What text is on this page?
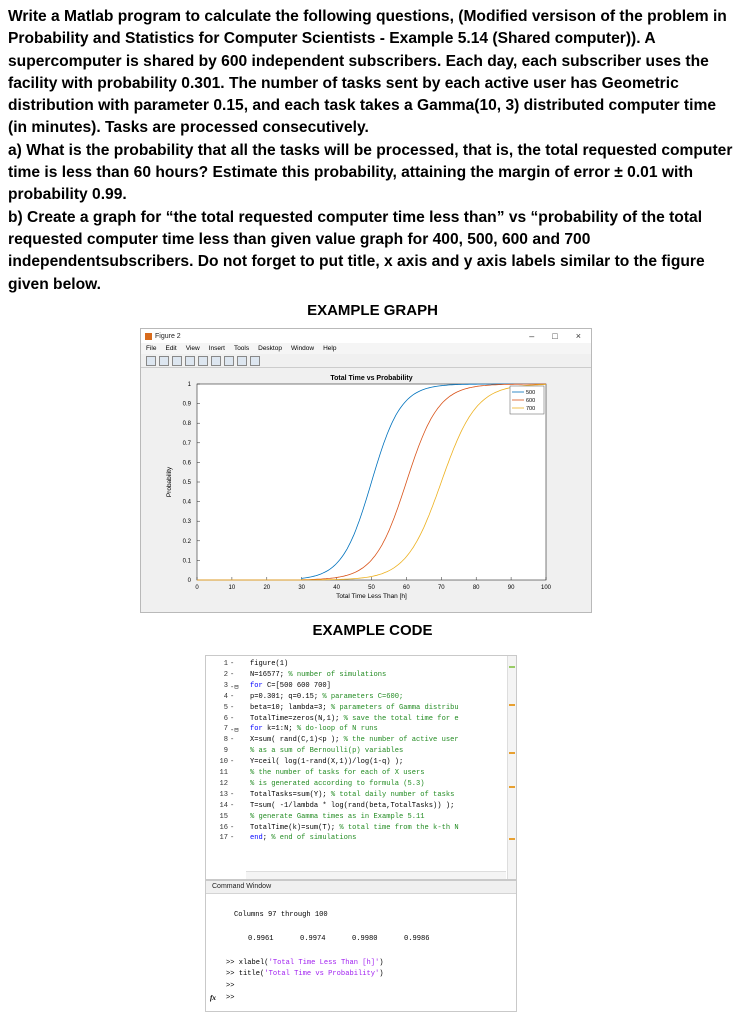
Write a Matlab program to calculate the following questions, (Modified versison of the problem in Probability and Statistics for Computer Scientists - Example 5.14 (Shared computer)). A supercomputer is shared by 600 independent subscribers. Each day, each subscriber uses the facility with probability 0.301. The number of tasks sent by each active user has Geometric distribution with parameter 0.15, and each task takes a Gamma(10, 3) distributed computer time (in minutes). Tasks are processed consecutively.

a) What is the probability that all the tasks will be processed, that is, the total requested computer time is less than 60 hours? Estimate this probability, attaining the margin of error ± 0.01 with probability 0.99.

b) Create a graph for “the total requested computer time less than” vs “probability of the total requested computer time less than given value graph for 400, 500, 600 and 700 independentsubscribers. Do not forget to put title, x axis and y axis labels similar to the figure given below.

EXAMPLE GRAPH
Figure 2	– □ ×
File Edit View Insert Tools Desktop Window Help
Total Time vs Probability
0	10	20	30	40	50	60	70	80	90	100
0
0.1
0.2
0.3
0.4
0.5
0.6
0.7
0.8
0.9
1
Total Time Less Than [h]
Probability
500
600
700
EXAMPLE CODE
1 -	figure(1)
2 -	N=16577; % number of simulations
3 -⊟	for C=[500 600 700]
4 -	p=0.301; q=0.15; % parameters C=600;
5 -	beta=10; lambda=3; % parameters of Gamma distribu
6 -	TotalTime=zeros(N,1); % save the total time for e
7 -⊟	for k=1:N; % do-loop of N runs
8 -	X=sum( rand(C,1)<p ); % the number of active user
9	% as a sum of Bernoulli(p) variables
10 -	Y=ceil( log(1-rand(X,1))/log(1-q) );
11	% the number of tasks for each of X users
12	% is generated according to formula (5.3)
13 -	TotalTasks=sum(Y); % total daily number of tasks
14 -	T=sum( -1/lambda * log(rand(beta,TotalTasks)) );
15	% generate Gamma times as in Example 5.11
16 -	TotalTime(k)=sum(T); % total time from the k-th N
17 -	end; % end of simulations
Command Window
Columns 97 through 100
0.9961	0.9974	0.9980	0.9986
>> xlabel('Total Time Less Than [h]')
>> title('Total Time vs Probability')
>>
fx >>
